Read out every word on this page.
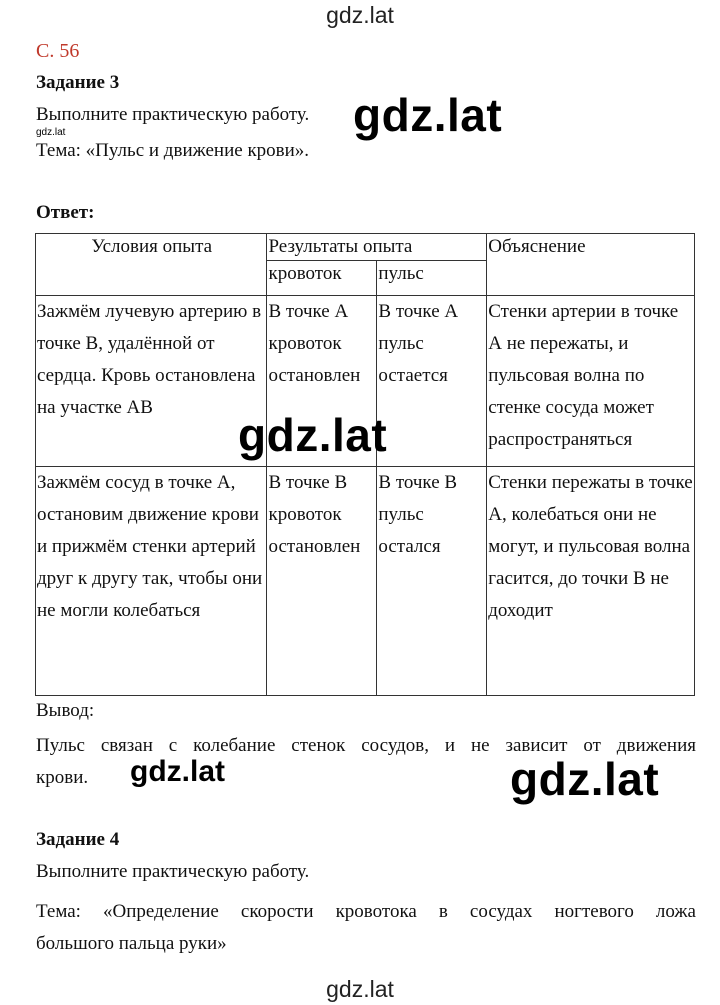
gdz.lat
С. 56
Задание 3
Выполните практическую работу. gdz.lat
gdz.lat
Тема: «Пульс и движение крови».
Ответ:
Условия опыта	Результаты опыта		Объяснение
	кровоток	пульс	
Зажмём лучевую артерию в точке В, удалённой от сердца. Кровь остановлена на участке АВ	В точке А кровоток остановлен	В точке А пульс остается	Стенки артерии в точке А не пережаты, и пульсовая волна по стенке сосуда может распространяться
Зажмём сосуд в точке А, остановим движение крови и прижмём стенки артерий друг к другу так, чтобы они не могли колебаться	В точке В кровоток остановлен	В точке В пульс остался	Стенки пережаты в точке А, колебаться они не могут, и пульсовая волна гасится, до точки В не доходит
gdz.lat
Вывод:
Пульс связан с колебание стенок сосудов, и не зависит от движения
крови.	gdz.lat	gdz.lat
Задание 4
Выполните практическую работу.
Тема: «Определение скорости кровотока в сосудах ногтевого ложа
большого пальца руки»
gdz.lat
